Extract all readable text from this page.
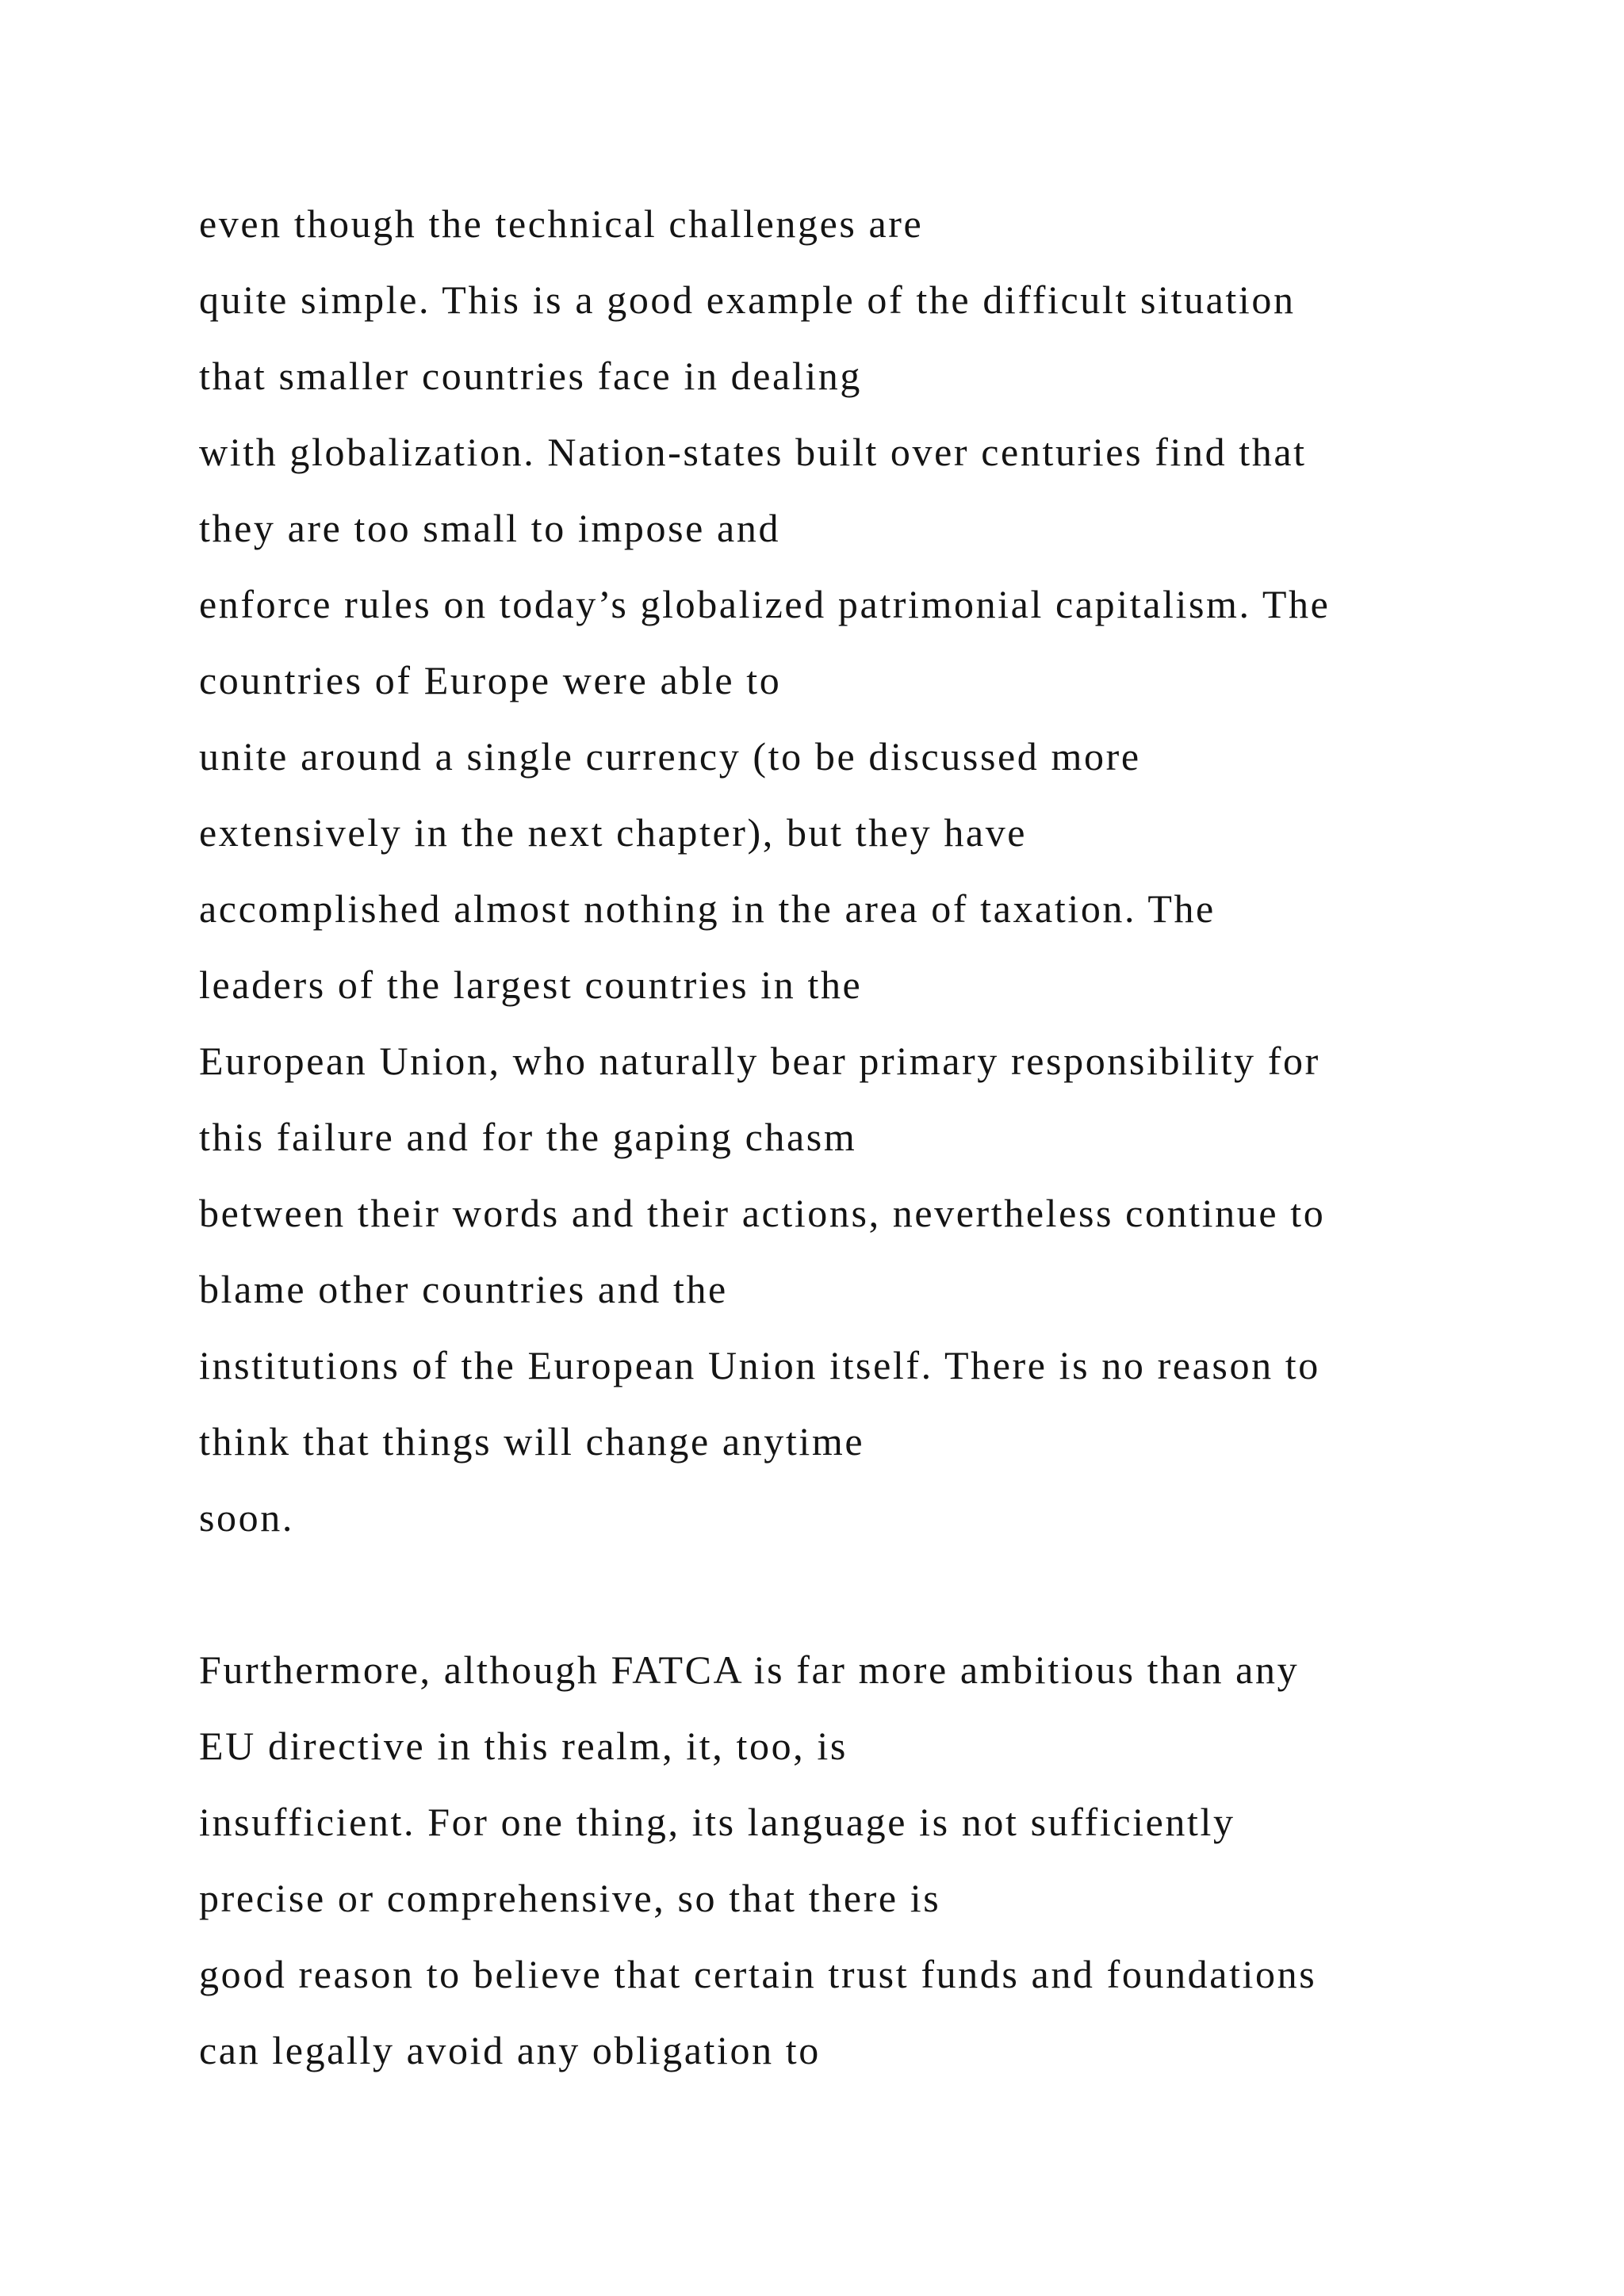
even though the technical challenges are
quite simple. This is a good example of the difficult situation
that smaller countries face in dealing
with globalization. Nation-states built over centuries find that
they are too small to impose and
enforce rules on today’s globalized patrimonial capitalism. The
countries of Europe were able to
unite around a single currency (to be discussed more
extensively in the next chapter), but they have
accomplished almost nothing in the area of taxation. The
leaders of the largest countries in the
European Union, who naturally bear primary responsibility for
this failure and for the gaping chasm
between their words and their actions, nevertheless continue to
blame other countries and the
institutions of the European Union itself. There is no reason to
think that things will change anytime
soon.
Furthermore, although FATCA is far more ambitious than any
EU directive in this realm, it, too, is
insufficient. For one thing, its language is not sufficiently
precise or comprehensive, so that there is
good reason to believe that certain trust funds and foundations
can legally avoid any obligation to
